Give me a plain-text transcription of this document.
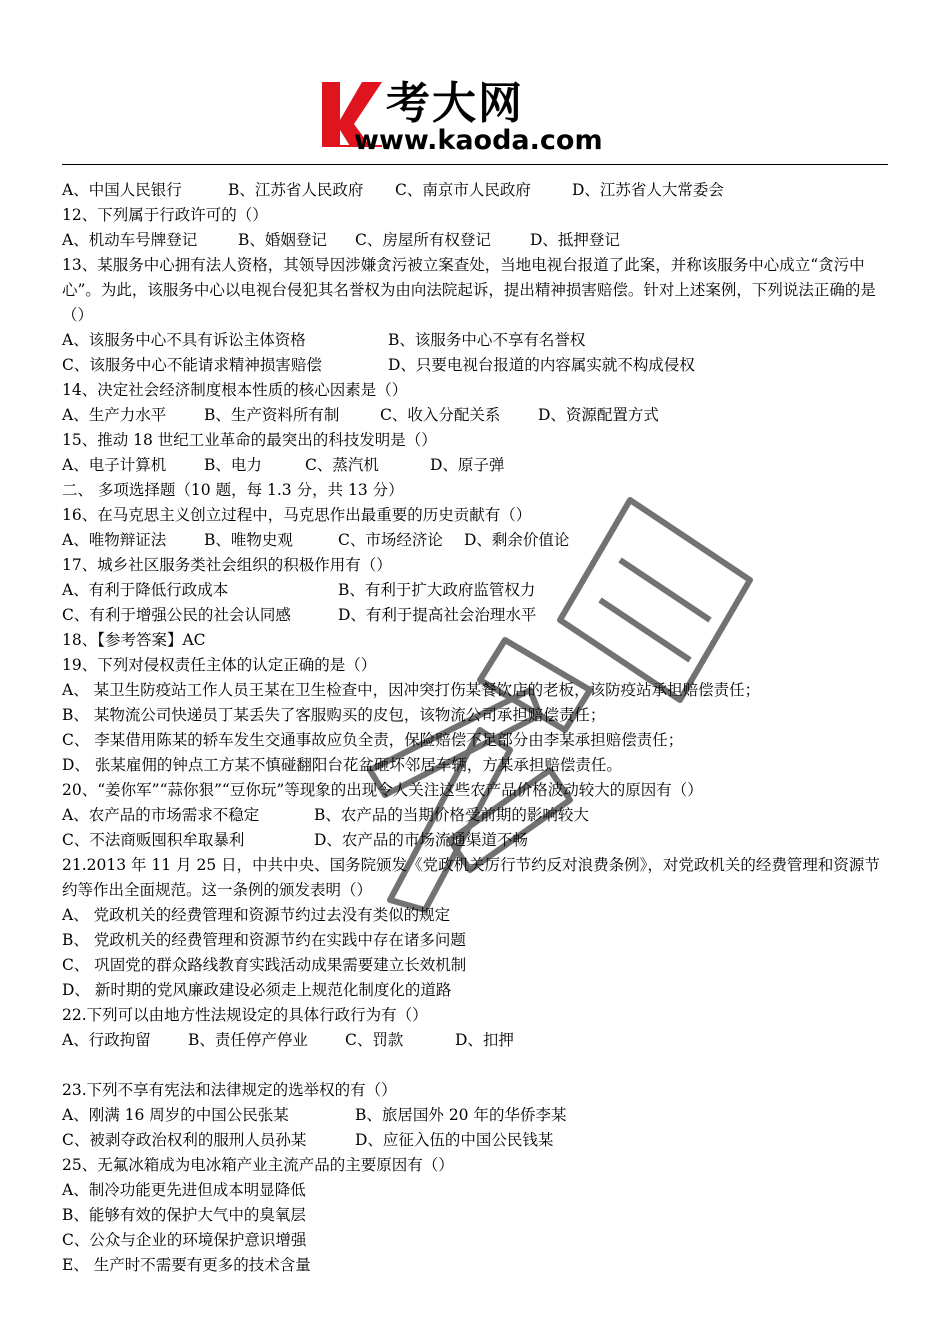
考大网
www.kaoda.com
A、中国人民银行	B、江苏省人民政府 C、南京市人民政府	D、江苏省人大常委会
12、下列属于行政许可的（）
A、机动车号牌登记	B、婚姻登记 C、房屋所有权登记	D、抵押登记
13、某服务中心拥有法人资格，其领导因涉嫌贪污被立案查处，当地电视台报道了此案，并称该服务中心成立“贪污中心”。为此，该服务中心以电视台侵犯其名誉权为由向法院起诉，提出精神损害赔偿。针对上述案例，下列说法正确的是（）
A、该服务中心不具有诉讼主体资格	B、该服务中心不享有名誉权
C、该服务中心不能请求精神损害赔偿	D、只要电视台报道的内容属实就不构成侵权
14、决定社会经济制度根本性质的核心因素是（）
A、生产力水平 B、生产资料所有制	C、收入分配关系 D、资源配置方式
15、推动 18 世纪工业革命的最突出的科技发明是（）
A、电子计算机 B、电力	C、蒸汽机	D、原子弹
二、 多项选择题（10 题，每 1.3 分，共 13 分）
16、在马克思主义创立过程中，马克思作出最重要的历史贡献有（）
A、唯物辩证法 B、唯物史观	C、市场经济论 D、剩余价值论
17、城乡社区服务类社会组织的积极作用有（）
A、有利于降低行政成本	B、有利于扩大政府监管权力
C、有利于增强公民的社会认同感	D、有利于提高社会治理水平
18、【参考答案】AC
19、下列对侵权责任主体的认定正确的是（）
A、 某卫生防疫站工作人员王某在卫生检查中，因冲突打伤某餐饮店的老板，该防疫站承担赔偿责任；
B、 某物流公司快递员丁某丢失了客服购买的皮包，该物流公司承担赔偿责任；
C、 李某借用陈某的轿车发生交通事故应负全责，保险赔偿不足部分由李某承担赔偿责任；
D、 张某雇佣的钟点工方某不慎碰翻阳台花盆砸坏邻居车辆，方某承担赔偿责任。
20、“姜你军”“蒜你狠”“豆你玩”等现象的出现令人关注这些农产品价格波动较大的原因有（）
A、农产品的市场需求不稳定	B、农产品的当期价格受前期的影响较大
C、不法商贩囤积牟取暴利	D、农产品的市场流通渠道不畅
21.2013 年 11 月 25 日，中共中央、国务院颁发《党政机关厉行节约反对浪费条例》，对党政机关的经费管理和资源节约等作出全面规范。这一条例的颁发表明（）
A、 党政机关的经费管理和资源节约过去没有类似的规定
B、 党政机关的经费管理和资源节约在实践中存在诸多问题
C、 巩固党的群众路线教育实践活动成果需要建立长效机制
D、 新时期的党风廉政建设必须走上规范化制度化的道路
22.下列可以由地方性法规设定的具体行政行为有（）
A、行政拘留 B、责任停产停业 C、罚款	D、扣押
23.下列不享有宪法和法律规定的选举权的有（）
A、刚满 16 周岁的中国公民张某	B、旅居国外 20 年的华侨李某
C、被剥夺政治权利的服刑人员孙某	D、应征入伍的中国公民钱某
25、无氟冰箱成为电冰箱产业主流产品的主要原因有（）
A、制冷功能更先进但成本明显降低
B、能够有效的保护大气中的臭氧层
C、公众与企业的环境保护意识增强
E、 生产时不需要有更多的技术含量
